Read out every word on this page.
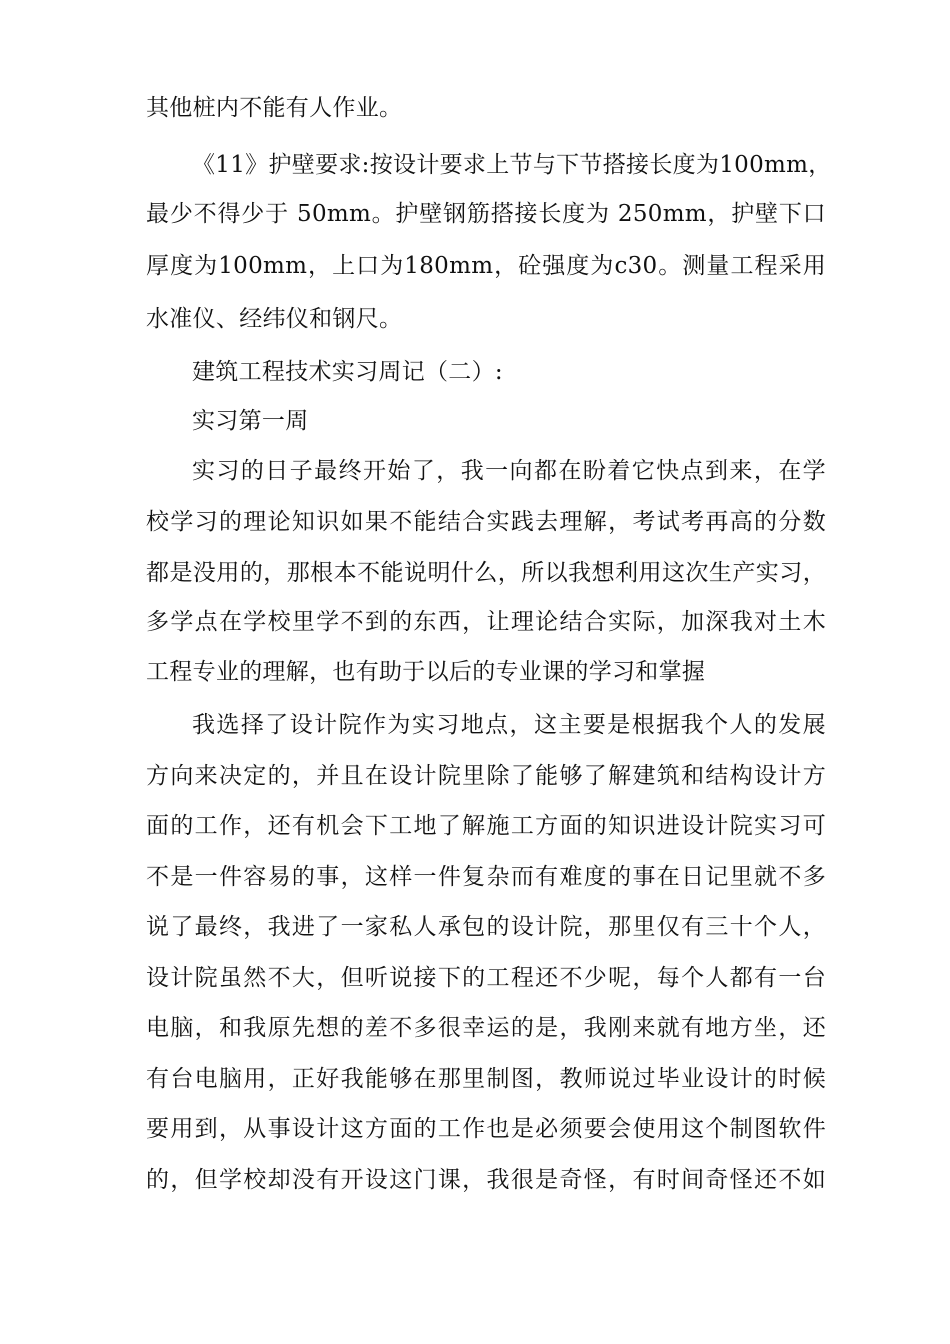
其他桩内不能有人作业。
《11》护壁要求:按设计要求上节与下节搭接长度为100mm，
最少不得少于 50mm。护壁钢筋搭接长度为 250mm，护壁下口
厚度为100mm，上口为180mm，砼强度为c30。测量工程采用
水准仪、经纬仪和钢尺。
建筑工程技术实习周记（二）:
实习第一周
实习的日子最终开始了，我一向都在盼着它快点到来，在学
校学习的理论知识如果不能结合实践去理解，考试考再高的分数
都是没用的，那根本不能说明什么，所以我想利用这次生产实习，
多学点在学校里学不到的东西，让理论结合实际，加深我对土木
工程专业的理解，也有助于以后的专业课的学习和掌握
我选择了设计院作为实习地点，这主要是根据我个人的发展
方向来决定的，并且在设计院里除了能够了解建筑和结构设计方
面的工作，还有机会下工地了解施工方面的知识进设计院实习可
不是一件容易的事，这样一件复杂而有难度的事在日记里就不多
说了最终，我进了一家私人承包的设计院，那里仅有三十个人，
设计院虽然不大，但听说接下的工程还不少呢，每个人都有一台
电脑，和我原先想的差不多很幸运的是，我刚来就有地方坐，还
有台电脑用，正好我能够在那里制图，教师说过毕业设计的时候
要用到，从事设计这方面的工作也是必须要会使用这个制图软件
的，但学校却没有开设这门课，我很是奇怪，有时间奇怪还不如
